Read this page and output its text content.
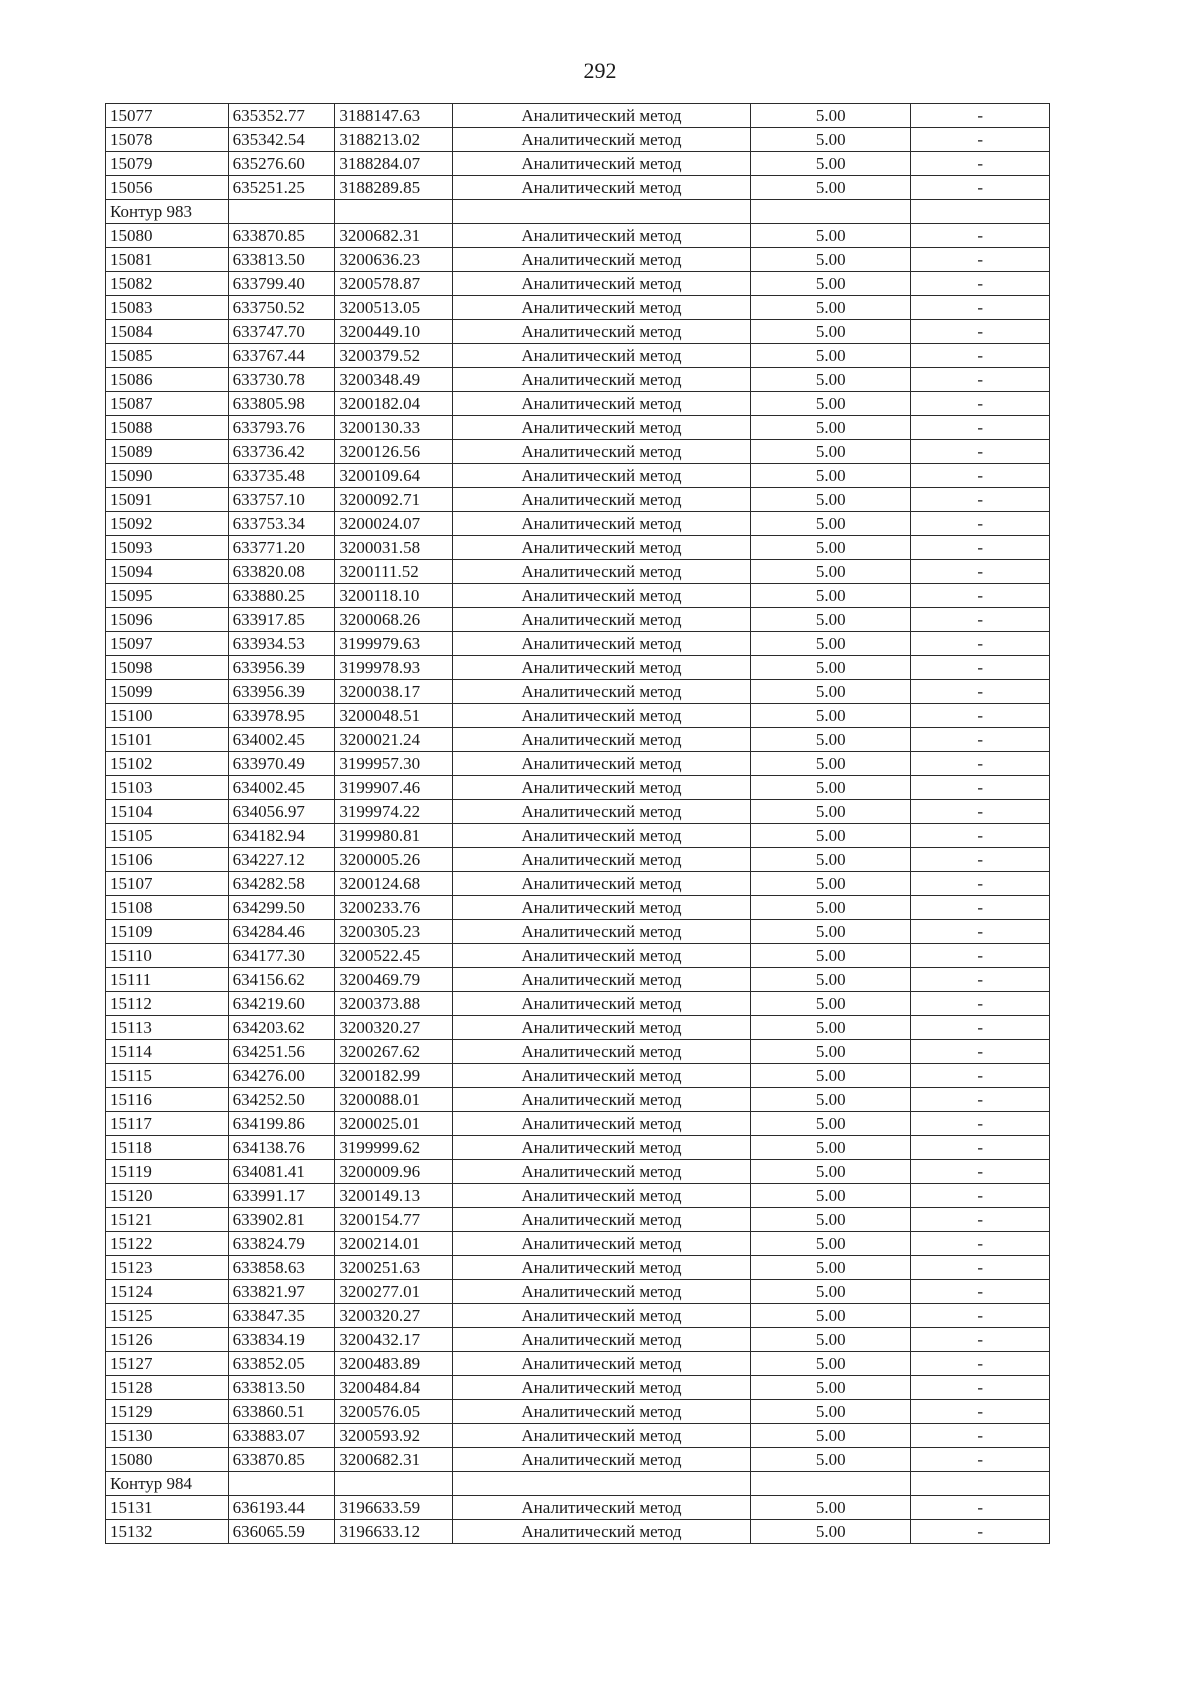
292
15077	635352.77	3188147.63	Аналитический метод	5.00	-
15078	635342.54	3188213.02	Аналитический метод	5.00	-
15079	635276.60	3188284.07	Аналитический метод	5.00	-
15056	635251.25	3188289.85	Аналитический метод	5.00	-
Контур 983					
15080	633870.85	3200682.31	Аналитический метод	5.00	-
15081	633813.50	3200636.23	Аналитический метод	5.00	-
15082	633799.40	3200578.87	Аналитический метод	5.00	-
15083	633750.52	3200513.05	Аналитический метод	5.00	-
15084	633747.70	3200449.10	Аналитический метод	5.00	-
15085	633767.44	3200379.52	Аналитический метод	5.00	-
15086	633730.78	3200348.49	Аналитический метод	5.00	-
15087	633805.98	3200182.04	Аналитический метод	5.00	-
15088	633793.76	3200130.33	Аналитический метод	5.00	-
15089	633736.42	3200126.56	Аналитический метод	5.00	-
15090	633735.48	3200109.64	Аналитический метод	5.00	-
15091	633757.10	3200092.71	Аналитический метод	5.00	-
15092	633753.34	3200024.07	Аналитический метод	5.00	-
15093	633771.20	3200031.58	Аналитический метод	5.00	-
15094	633820.08	3200111.52	Аналитический метод	5.00	-
15095	633880.25	3200118.10	Аналитический метод	5.00	-
15096	633917.85	3200068.26	Аналитический метод	5.00	-
15097	633934.53	3199979.63	Аналитический метод	5.00	-
15098	633956.39	3199978.93	Аналитический метод	5.00	-
15099	633956.39	3200038.17	Аналитический метод	5.00	-
15100	633978.95	3200048.51	Аналитический метод	5.00	-
15101	634002.45	3200021.24	Аналитический метод	5.00	-
15102	633970.49	3199957.30	Аналитический метод	5.00	-
15103	634002.45	3199907.46	Аналитический метод	5.00	-
15104	634056.97	3199974.22	Аналитический метод	5.00	-
15105	634182.94	3199980.81	Аналитический метод	5.00	-
15106	634227.12	3200005.26	Аналитический метод	5.00	-
15107	634282.58	3200124.68	Аналитический метод	5.00	-
15108	634299.50	3200233.76	Аналитический метод	5.00	-
15109	634284.46	3200305.23	Аналитический метод	5.00	-
15110	634177.30	3200522.45	Аналитический метод	5.00	-
15111	634156.62	3200469.79	Аналитический метод	5.00	-
15112	634219.60	3200373.88	Аналитический метод	5.00	-
15113	634203.62	3200320.27	Аналитический метод	5.00	-
15114	634251.56	3200267.62	Аналитический метод	5.00	-
15115	634276.00	3200182.99	Аналитический метод	5.00	-
15116	634252.50	3200088.01	Аналитический метод	5.00	-
15117	634199.86	3200025.01	Аналитический метод	5.00	-
15118	634138.76	3199999.62	Аналитический метод	5.00	-
15119	634081.41	3200009.96	Аналитический метод	5.00	-
15120	633991.17	3200149.13	Аналитический метод	5.00	-
15121	633902.81	3200154.77	Аналитический метод	5.00	-
15122	633824.79	3200214.01	Аналитический метод	5.00	-
15123	633858.63	3200251.63	Аналитический метод	5.00	-
15124	633821.97	3200277.01	Аналитический метод	5.00	-
15125	633847.35	3200320.27	Аналитический метод	5.00	-
15126	633834.19	3200432.17	Аналитический метод	5.00	-
15127	633852.05	3200483.89	Аналитический метод	5.00	-
15128	633813.50	3200484.84	Аналитический метод	5.00	-
15129	633860.51	3200576.05	Аналитический метод	5.00	-
15130	633883.07	3200593.92	Аналитический метод	5.00	-
15080	633870.85	3200682.31	Аналитический метод	5.00	-
Контур 984					
15131	636193.44	3196633.59	Аналитический метод	5.00	-
15132	636065.59	3196633.12	Аналитический метод	5.00	-
